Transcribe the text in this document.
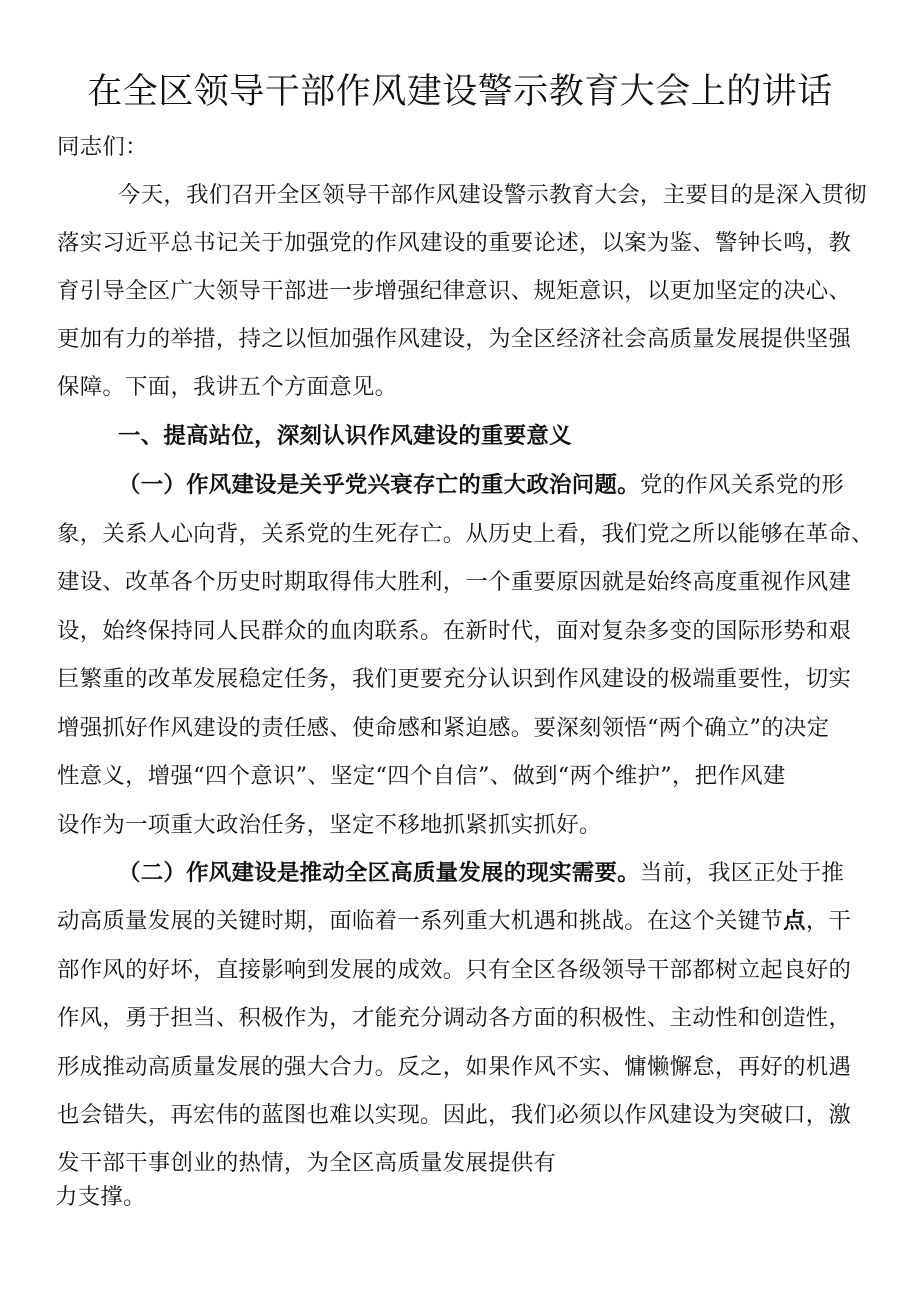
在全区领导干部作风建设警示教育大会上的讲话
同志们：
今天，我们召开全区领导干部作风建设警示教育大会，主要目的是深入贯彻
落实习近平总书记关于加强党的作风建设的重要论述，以案为鉴、警钟长鸣，教
育引导全区广大领导干部进一步增强纪律意识、规矩意识，以更加坚定的决心、
更加有力的举措，持之以恒加强作风建设，为全区经济社会高质量发展提供坚强
保障。下面，我讲五个方面意见。
一、提高站位，深刻认识作风建设的重要意义
（一）作风建设是关乎党兴衰存亡的重大政治问题。党的作风关系党的形
象，关系人心向背，关系党的生死存亡。从历史上看，我们党之所以能够在革命、
建设、改革各个历史时期取得伟大胜利，一个重要原因就是始终高度重视作风建
设，始终保持同人民群众的血肉联系。在新时代，面对复杂多变的国际形势和艰
巨繁重的改革发展稳定任务，我们更要充分认识到作风建设的极端重要性，切实
增强抓好作风建设的责任感、使命感和紧迫感。要深刻领悟“两个确立”的决定
性意义，增强“四个意识”、坚定“四个自信”、做到“两个维护”，把作风建
设作为一项重大政治任务，坚定不移地抓紧抓实抓好。
（二）作风建设是推动全区高质量发展的现实需要。当前，我区正处于推
动高质量发展的关键时期，面临着一系列重大机遇和挑战。在这个关键节点，干
部作风的好坏，直接影响到发展的成效。只有全区各级领导干部都树立起良好的
作风，勇于担当、积极作为，才能充分调动各方面的积极性、主动性和创造性，
形成推动高质量发展的强大合力。反之，如果作风不实、慵懒懈怠，再好的机遇
也会错失，再宏伟的蓝图也难以实现。因此，我们必须以作风建设为突破口，激
发干部干事创业的热情，为全区高质量发展提供有
力支撑。
